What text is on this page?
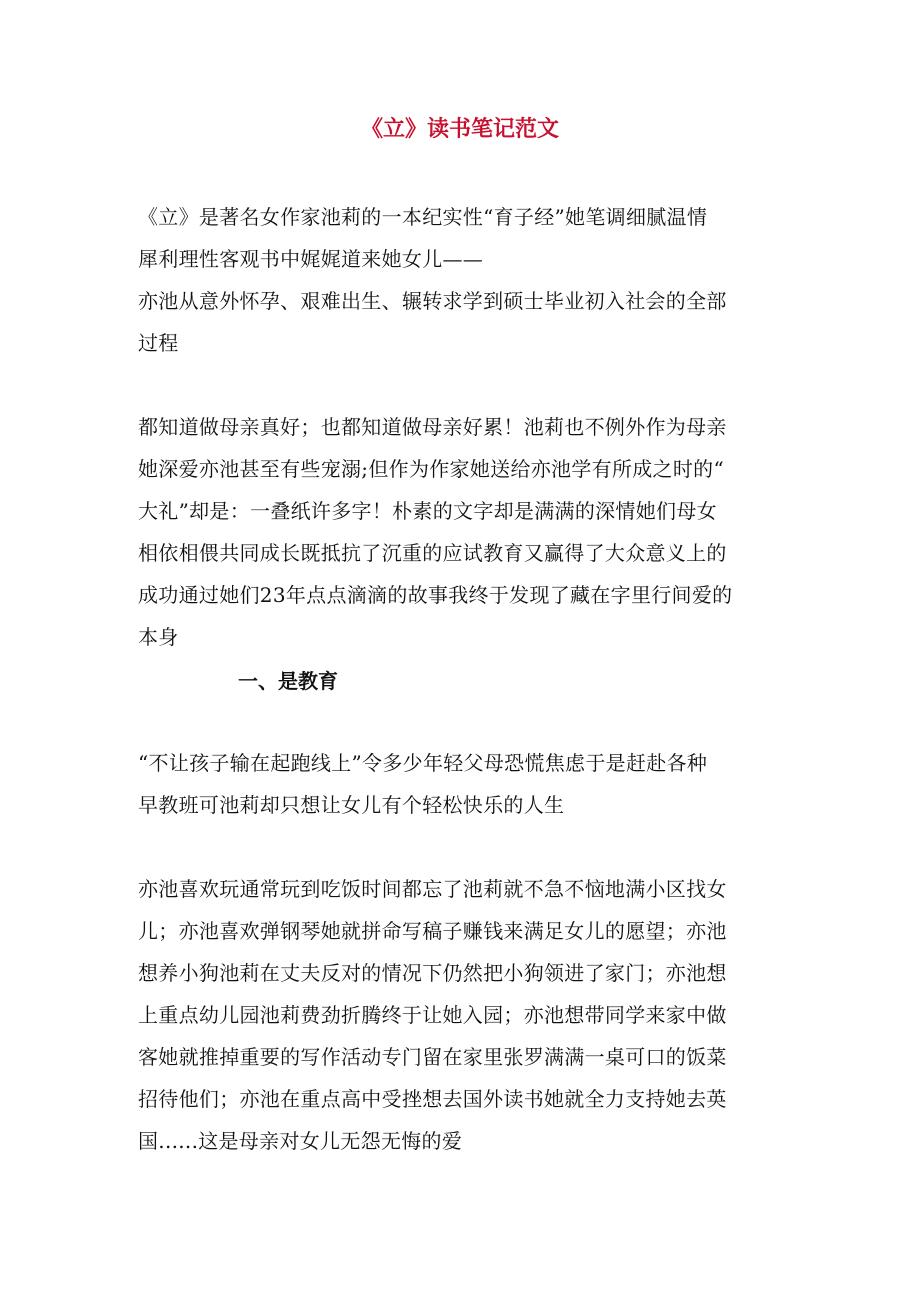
《立》读书笔记范文
《立》是著名女作家池莉的一本纪实性“育子经”她笔调细腻温情
犀利理性客观书中娓娓道来她女儿——
亦池从意外怀孕、艰难出生、辗转求学到硕士毕业初入社会的全部
过程
都知道做母亲真好；也都知道做母亲好累！池莉也不例外作为母亲
她深爱亦池甚至有些宠溺;但作为作家她送给亦池学有所成之时的“
大礼”却是：一叠纸许多字！朴素的文字却是满满的深情她们母女
相依相偎共同成长既抵抗了沉重的应试教育又赢得了大众意义上的
成功通过她们23年点点滴滴的故事我终于发现了藏在字里行间爱的
本身
一、是教育
“不让孩子输在起跑线上”令多少年轻父母恐慌焦虑于是赶赴各种
早教班可池莉却只想让女儿有个轻松快乐的人生
亦池喜欢玩通常玩到吃饭时间都忘了池莉就不急不恼地满小区找女
儿；亦池喜欢弹钢琴她就拼命写稿子赚钱来满足女儿的愿望；亦池
想养小狗池莉在丈夫反对的情况下仍然把小狗领进了家门；亦池想
上重点幼儿园池莉费劲折腾终于让她入园；亦池想带同学来家中做
客她就推掉重要的写作活动专门留在家里张罗满满一桌可口的饭菜
招待他们；亦池在重点高中受挫想去国外读书她就全力支持她去英
国......这是母亲对女儿无怨无悔的爱
